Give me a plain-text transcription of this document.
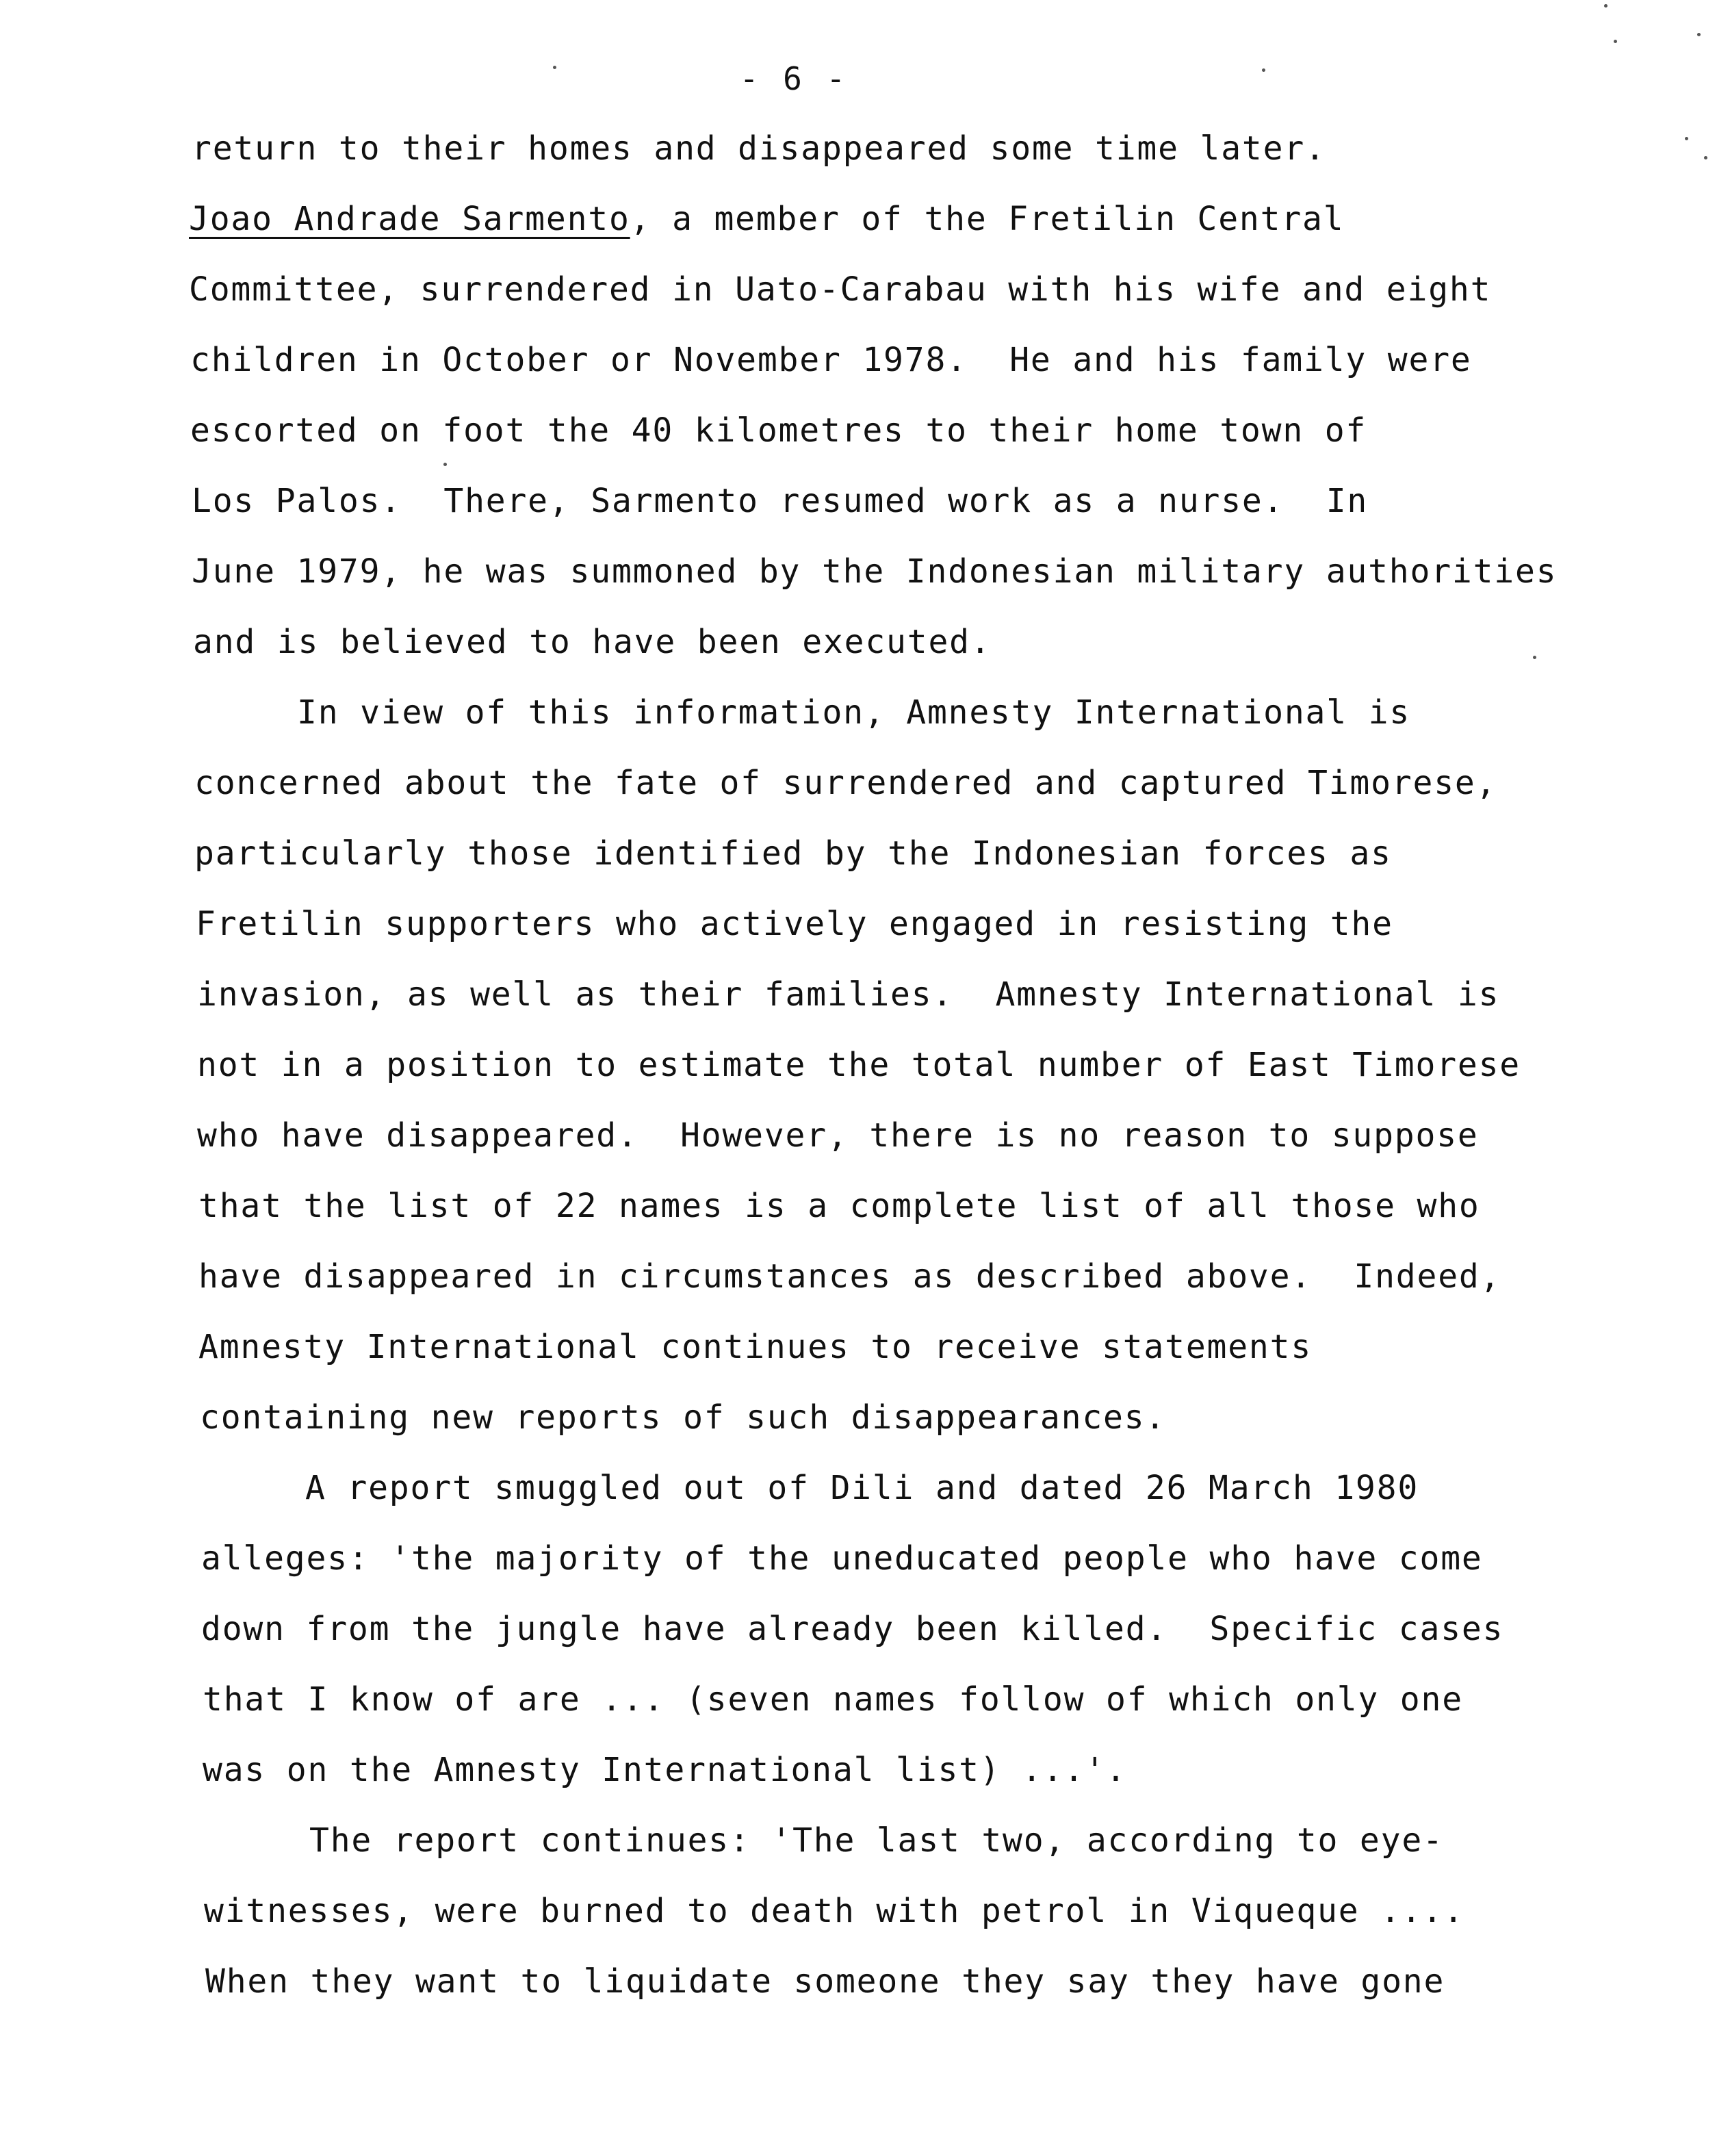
- 6 -
return to their homes and disappeared some time later.
Joao Andrade Sarmento, a member of the Fretilin Central
Committee, surrendered in Uato-Carabau with his wife and eight
children in October or November 1978.  He and his family were
escorted on foot the 40 kilometres to their home town of
Los Palos.  There, Sarmento resumed work as a nurse.  In
June 1979, he was summoned by the Indonesian military authorities
and is believed to have been executed.
In view of this information, Amnesty International is
concerned about the fate of surrendered and captured Timorese,
particularly those identified by the Indonesian forces as
Fretilin supporters who actively engaged in resisting the
invasion, as well as their families.  Amnesty International is
not in a position to estimate the total number of East Timorese
who have disappeared.  However, there is no reason to suppose
that the list of 22 names is a complete list of all those who
have disappeared in circumstances as described above.  Indeed,
Amnesty International continues to receive statements
containing new reports of such disappearances.
A report smuggled out of Dili and dated 26 March 1980
alleges: 'the majority of the uneducated people who have come
down from the jungle have already been killed.  Specific cases
that I know of are ... (seven names follow of which only one
was on the Amnesty International list) ...'.
The report continues: 'The last two, according to eye-
witnesses, were burned to death with petrol in Viqueque ....
When they want to liquidate someone they say they have gone
